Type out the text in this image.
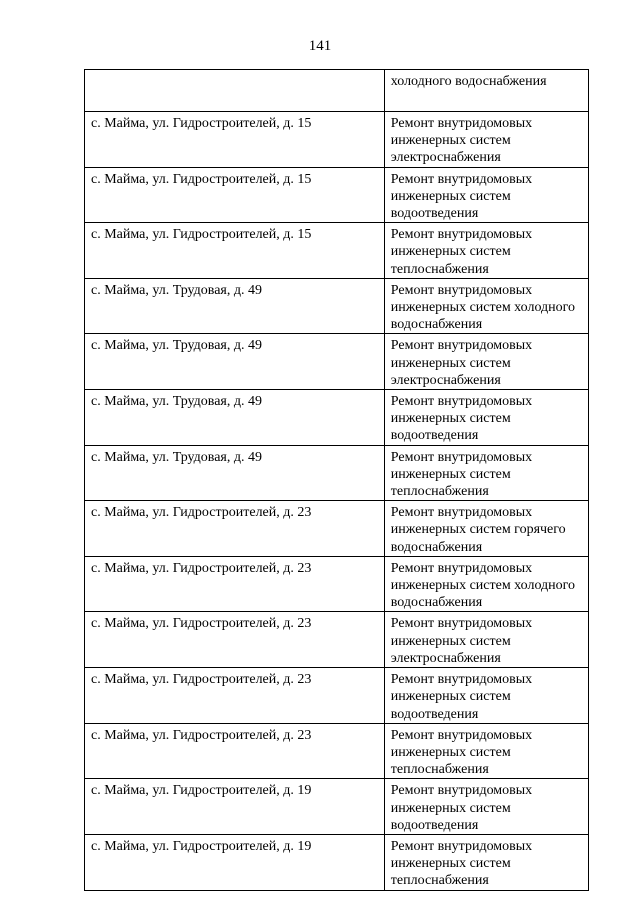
141
	холодного водоснабжения
с. Майма, ул. Гидростроителей, д. 15	Ремонт внутридомовых инженерных систем электроснабжения
с. Майма, ул. Гидростроителей, д. 15	Ремонт внутридомовых инженерных систем водоотведения
с. Майма, ул. Гидростроителей, д. 15	Ремонт внутридомовых инженерных систем теплоснабжения
с. Майма, ул. Трудовая, д. 49	Ремонт внутридомовых инженерных систем холодного водоснабжения
с. Майма, ул. Трудовая, д. 49	Ремонт внутридомовых инженерных систем электроснабжения
с. Майма, ул. Трудовая, д. 49	Ремонт внутридомовых инженерных систем водоотведения
с. Майма, ул. Трудовая, д. 49	Ремонт внутридомовых инженерных систем теплоснабжения
с. Майма, ул. Гидростроителей, д. 23	Ремонт внутридомовых инженерных систем горячего водоснабжения
с. Майма, ул. Гидростроителей, д. 23	Ремонт внутридомовых инженерных систем холодного водоснабжения
с. Майма, ул. Гидростроителей, д. 23	Ремонт внутридомовых инженерных систем электроснабжения
с. Майма, ул. Гидростроителей, д. 23	Ремонт внутридомовых инженерных систем водоотведения
с. Майма, ул. Гидростроителей, д. 23	Ремонт внутридомовых инженерных систем теплоснабжения
с. Майма, ул. Гидростроителей, д. 19	Ремонт внутридомовых инженерных систем водоотведения
с. Майма, ул. Гидростроителей, д. 19	Ремонт внутридомовых инженерных систем теплоснабжения
